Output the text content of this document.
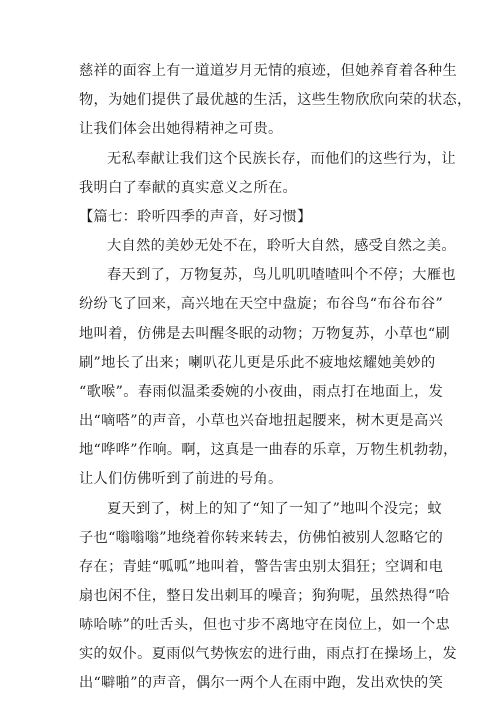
慈祥的面容上有一道道岁月无情的痕迹，但她养育着各种生
物，为她们提供了最优越的生活，这些生物欣欣向荣的状态，
让我们体会出她得精神之可贵。
无私奉献让我们这个民族长存，而他们的这些行为，让
我明白了奉献的真实意义之所在。
【篇七：聆听四季的声音，好习惯】
大自然的美妙无处不在，聆听大自然，感受自然之美。
春天到了，万物复苏，鸟儿叽叽喳喳叫个不停；大雁也
纷纷飞了回来，高兴地在天空中盘旋；布谷鸟“布谷布谷”
地叫着，仿佛是去叫醒冬眠的动物；万物复苏，小草也“刷
刷”地长了出来；喇叭花儿更是乐此不疲地炫耀她美妙的
“歌喉”。春雨似温柔委婉的小夜曲，雨点打在地面上，发
出“嘀嗒”的声音，小草也兴奋地扭起腰来，树木更是高兴
地“哗哗”作响。啊，这真是一曲春的乐章，万物生机勃勃，
让人们仿佛听到了前进的号角。
夏天到了，树上的知了“知了一知了”地叫个没完；蚊
子也“嗡嗡嗡”地绕着你转来转去，仿佛怕被别人忽略它的
存在；青蛙“呱呱”地叫着，警告害虫别太猖狂；空调和电
扇也闲不住，整日发出刺耳的噪音；狗狗呢，虽然热得“哈
哧哈哧”的吐舌头，但也寸步不离地守在岗位上，如一个忠
实的奴仆。夏雨似气势恢宏的进行曲，雨点打在操场上，发
出“噼啪”的声音，偶尔一两个人在雨中跑，发出欢快的笑
